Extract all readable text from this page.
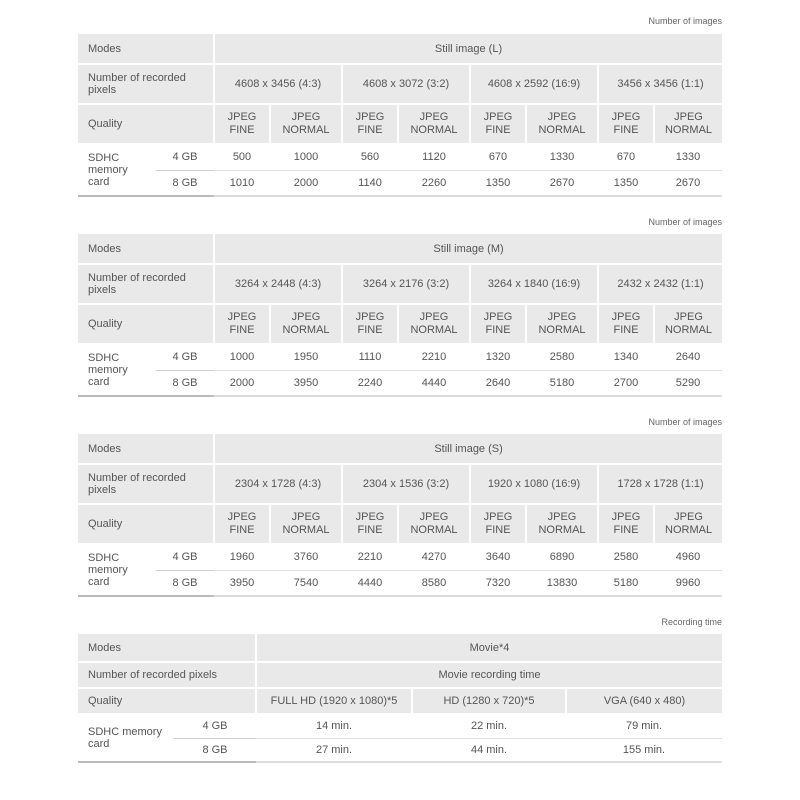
Number of images
Modes		Still image (L)							
Number of recorded pixels		4608 x 3456 (4:3)		4608 x 3072 (3:2)		4608 x 2592 (16:9)		3456 x 3456 (1:1)	
Quality		JPEG FINE	JPEG NORMAL	JPEG FINE	JPEG NORMAL	JPEG FINE	JPEG NORMAL	JPEG FINE	JPEG NORMAL
SDHC memory card	4 GB	500	1000	560	1120	670	1330	670	1330
	8 GB	1010	2000	1140	2260	1350	2670	1350	2670
Number of images
Modes		Still image (M)							
Number of recorded pixels		3264 x 2448 (4:3)		3264 x 2176 (3:2)		3264 x 1840 (16:9)		2432 x 2432 (1:1)	
Quality		JPEG FINE	JPEG NORMAL	JPEG FINE	JPEG NORMAL	JPEG FINE	JPEG NORMAL	JPEG FINE	JPEG NORMAL
SDHC memory card	4 GB	1000	1950	1110	2210	1320	2580	1340	2640
	8 GB	2000	3950	2240	4440	2640	5180	2700	5290
Number of images
Modes		Still image (S)							
Number of recorded pixels		2304 x 1728 (4:3)		2304 x 1536 (3:2)		1920 x 1080 (16:9)		1728 x 1728 (1:1)	
Quality		JPEG FINE	JPEG NORMAL	JPEG FINE	JPEG NORMAL	JPEG FINE	JPEG NORMAL	JPEG FINE	JPEG NORMAL
SDHC memory card	4 GB	1960	3760	2210	4270	3640	6890	2580	4960
	8 GB	3950	7540	4440	8580	7320	13830	5180	9960
Recording time
Modes		Movie*4		
Number of recorded pixels		Movie recording time		
Quality		FULL HD (1920 x 1080)*5	HD (1280 x 720)*5	VGA (640 x 480)
SDHC memory card	4 GB	14 min.	22 min.	79 min.
	8 GB	27 min.	44 min.	155 min.
